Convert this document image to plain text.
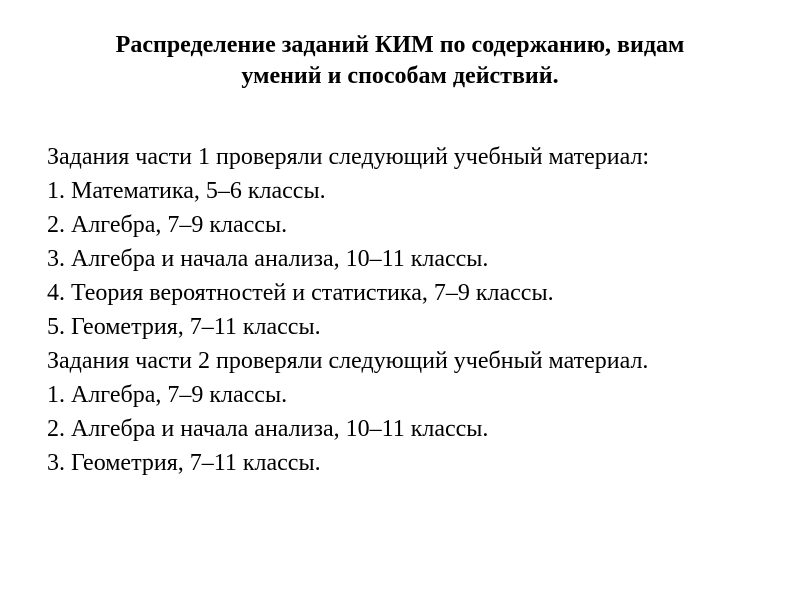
Распределение заданий КИМ по содержанию, видам
умений и способам действий.
Задания части 1 проверяли следующий учебный материал:
1. Математика, 5–6 классы.
2. Алгебра, 7–9 классы.
3. Алгебра и начала анализа, 10–11 классы.
4. Теория вероятностей и статистика, 7–9 классы.
5. Геометрия, 7–11 классы.
Задания части 2 проверяли следующий учебный материал.
1. Алгебра, 7–9 классы.
2. Алгебра и начала анализа, 10–11 классы.
3. Геометрия, 7–11 классы.
